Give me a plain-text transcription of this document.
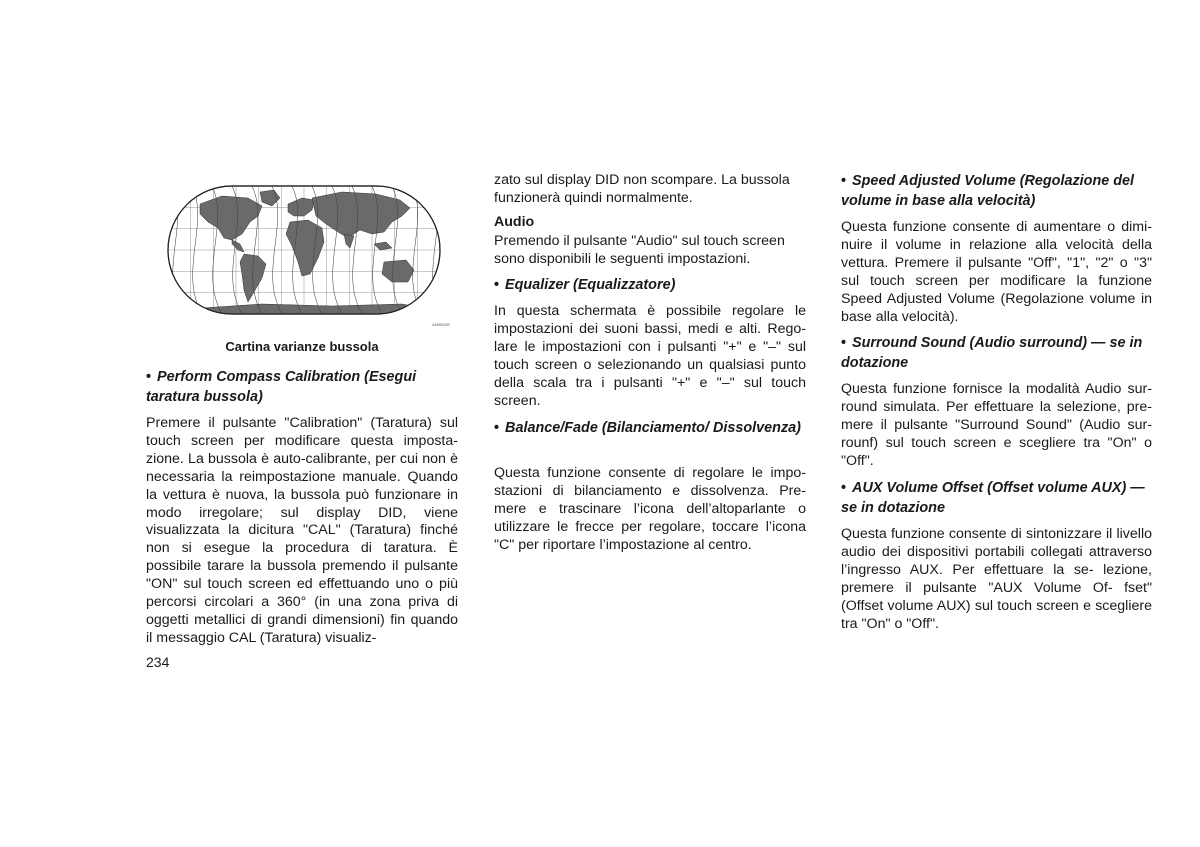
4489S00S
Cartina varianze bussola

• Perform Compass Calibration (Esegui taratura bussola)

Premere il pulsante "Calibration" (Taratura) sul touch screen per modificare questa imposta- zione. La bussola è auto-calibrante, per cui non è necessaria la reimpostazione manuale. Quando la vettura è nuova, la bussola può funzionare in modo irregolare; sul display DID, viene visualizzata la dicitura "CAL" (Taratura) finché non si esegue la procedura di taratura. È possibile tarare la bussola premendo il pulsante "ON" sul touch screen ed effettuando uno o più percorsi circolari a 360° (in una zona priva di oggetti metallici di grandi dimensioni) fin quando il messaggio CAL (Taratura) visualiz-

zato sul display DID non scompare. La bussola funzionerà quindi normalmente.

Audio

Premendo il pulsante "Audio" sul touch screen sono disponibili le seguenti impostazioni.

• Equalizer (Equalizzatore)

In questa schermata è possibile regolare le impostazioni dei suoni bassi, medi e alti. Rego- lare le impostazioni con i pulsanti "+" e "–" sul touch screen o selezionando un qualsiasi punto della scala tra i pulsanti "+" e "–" sul touch screen.

• Balance/Fade (Bilanciamento/ Dissolvenza)

Questa funzione consente di regolare le impo- stazioni di bilanciamento e dissolvenza. Pre- mere e trascinare l’icona dell’altoparlante o utilizzare le frecce per regolare, toccare l’icona "C" per riportare l’impostazione al centro.

• Speed Adjusted Volume (Regolazione del volume in base alla velocità)

Questa funzione consente di aumentare o dimi- nuire il volume in relazione alla velocità della vettura. Premere il pulsante "Off", "1", "2" o "3" sul touch screen per modificare la funzione Speed Adjusted Volume (Regolazione volume in base alla velocità).

• Surround Sound (Audio surround) — se in dotazione

Questa funzione fornisce la modalità Audio sur- round simulata. Per effettuare la selezione, pre- mere il pulsante "Surround Sound" (Audio sur- rounf) sul touch screen e scegliere tra "On" o "Off".

• AUX Volume Offset (Offset volume AUX) — se in dotazione

Questa funzione consente di sintonizzare il livello audio dei dispositivi portabili collegati attraverso l’ingresso AUX. Per effettuare la se- lezione, premere il pulsante "AUX Volume Of- fset" (Offset volume AUX) sul touch screen e scegliere tra "On" o "Off".

234
